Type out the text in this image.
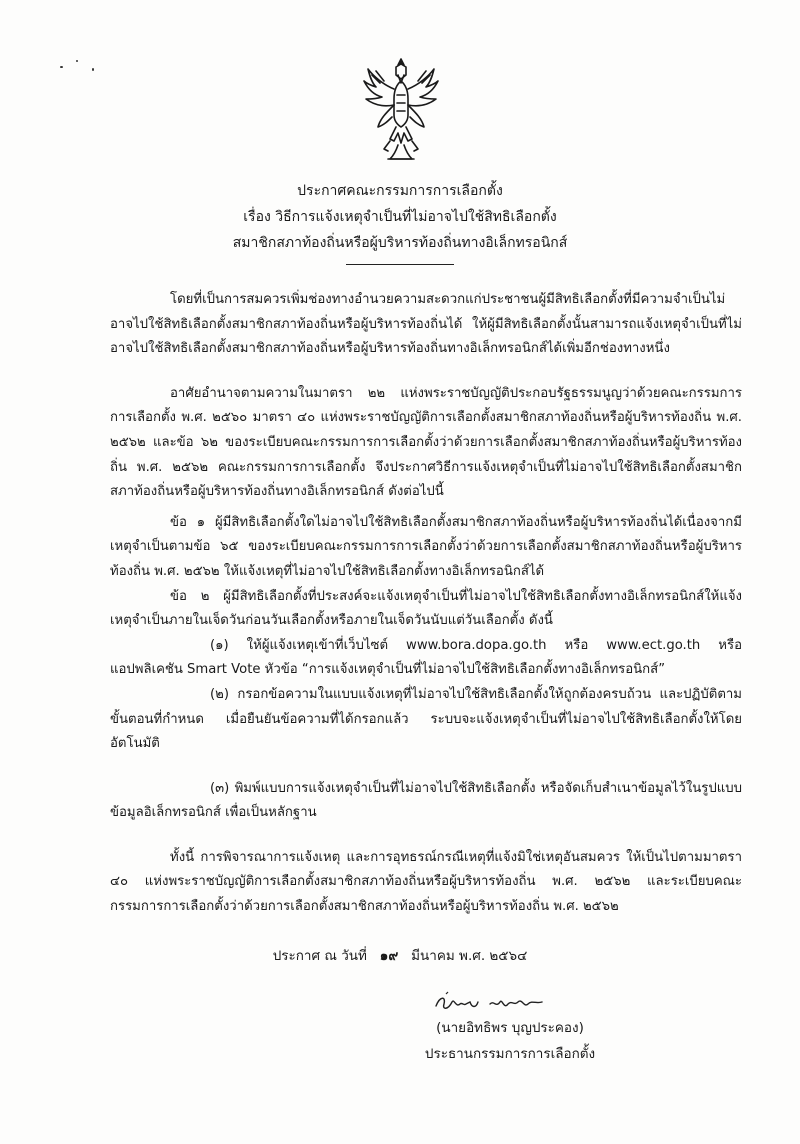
ประกาศคณะกรรมการการเลือกตั้ง
เรื่อง วิธีการแจ้งเหตุจำเป็นที่ไม่อาจไปใช้สิทธิเลือกตั้ง
สมาชิกสภาท้องถิ่นหรือผู้บริหารท้องถิ่นทางอิเล็กทรอนิกส์

โดยที่เป็นการสมควรเพิ่มช่องทางอำนวยความสะดวกแก่ประชาชนผู้มีสิทธิเลือกตั้งที่มีความจำเป็นไม่อาจไปใช้สิทธิเลือกตั้งสมาชิกสภาท้องถิ่นหรือผู้บริหารท้องถิ่นได้ ให้ผู้มีสิทธิเลือกตั้งนั้นสามารถแจ้งเหตุจำเป็นที่ไม่อาจไปใช้สิทธิเลือกตั้งสมาชิกสภาท้องถิ่นหรือผู้บริหารท้องถิ่นทางอิเล็กทรอนิกส์ได้เพิ่มอีกช่องทางหนึ่ง

อาศัยอำนาจตามความในมาตรา ๒๒ แห่งพระราชบัญญัติประกอบรัฐธรรมนูญว่าด้วยคณะกรรมการการเลือกตั้ง พ.ศ. ๒๕๖๐ มาตรา ๔๐ แห่งพระราชบัญญัติการเลือกตั้งสมาชิกสภาท้องถิ่นหรือผู้บริหารท้องถิ่น พ.ศ. ๒๕๖๒ และข้อ ๖๒ ของระเบียบคณะกรรมการการเลือกตั้งว่าด้วยการเลือกตั้งสมาชิกสภาท้องถิ่นหรือผู้บริหารท้องถิ่น พ.ศ. ๒๕๖๒ คณะกรรมการการเลือกตั้ง จึงประกาศวิธีการแจ้งเหตุจำเป็นที่ไม่อาจไปใช้สิทธิเลือกตั้งสมาชิกสภาท้องถิ่นหรือผู้บริหารท้องถิ่นทางอิเล็กทรอนิกส์ ดังต่อไปนี้

ข้อ ๑ ผู้มีสิทธิเลือกตั้งใดไม่อาจไปใช้สิทธิเลือกตั้งสมาชิกสภาท้องถิ่นหรือผู้บริหารท้องถิ่นได้เนื่องจากมีเหตุจำเป็นตามข้อ ๖๕ ของระเบียบคณะกรรมการการเลือกตั้งว่าด้วยการเลือกตั้งสมาชิกสภาท้องถิ่นหรือผู้บริหารท้องถิ่น พ.ศ. ๒๕๖๒ ให้แจ้งเหตุที่ไม่อาจไปใช้สิทธิเลือกตั้งทางอิเล็กทรอนิกส์ได้

ข้อ ๒ ผู้มีสิทธิเลือกตั้งที่ประสงค์จะแจ้งเหตุจำเป็นที่ไม่อาจไปใช้สิทธิเลือกตั้งทางอิเล็กทรอนิกส์ให้แจ้งเหตุจำเป็นภายในเจ็ดวันก่อนวันเลือกตั้งหรือภายในเจ็ดวันนับแต่วันเลือกตั้ง ดังนี้

(๑) ให้ผู้แจ้งเหตุเข้าที่เว็บไซต์ www.bora.dopa.go.th หรือ www.ect.go.th หรือแอปพลิเคชัน Smart Vote หัวข้อ “การแจ้งเหตุจำเป็นที่ไม่อาจไปใช้สิทธิเลือกตั้งทางอิเล็กทรอนิกส์”

(๒) กรอกข้อความในแบบแจ้งเหตุที่ไม่อาจไปใช้สิทธิเลือกตั้งให้ถูกต้องครบถ้วน และปฏิบัติตามขั้นตอนที่กำหนด เมื่อยืนยันข้อความที่ได้กรอกแล้ว ระบบจะแจ้งเหตุจำเป็นที่ไม่อาจไปใช้สิทธิเลือกตั้งให้โดยอัตโนมัติ

(๓) พิมพ์แบบการแจ้งเหตุจำเป็นที่ไม่อาจไปใช้สิทธิเลือกตั้ง หรือจัดเก็บสำเนาข้อมูลไว้ในรูปแบบข้อมูลอิเล็กทรอนิกส์ เพื่อเป็นหลักฐาน

ทั้งนี้ การพิจารณาการแจ้งเหตุ และการอุทธรณ์กรณีเหตุที่แจ้งมิใช่เหตุอันสมควร ให้เป็นไปตามมาตรา ๔๐ แห่งพระราชบัญญัติการเลือกตั้งสมาชิกสภาท้องถิ่นหรือผู้บริหารท้องถิ่น พ.ศ. ๒๕๖๒ และระเบียบคณะกรรมการการเลือกตั้งว่าด้วยการเลือกตั้งสมาชิกสภาท้องถิ่นหรือผู้บริหารท้องถิ่น พ.ศ. ๒๕๖๒

ประกาศ ณ วันที่ ๑๙ มีนาคม พ.ศ. ๒๕๖๔
(นายอิทธิพร บุญประคอง)
ประธานกรรมการการเลือกตั้ง
